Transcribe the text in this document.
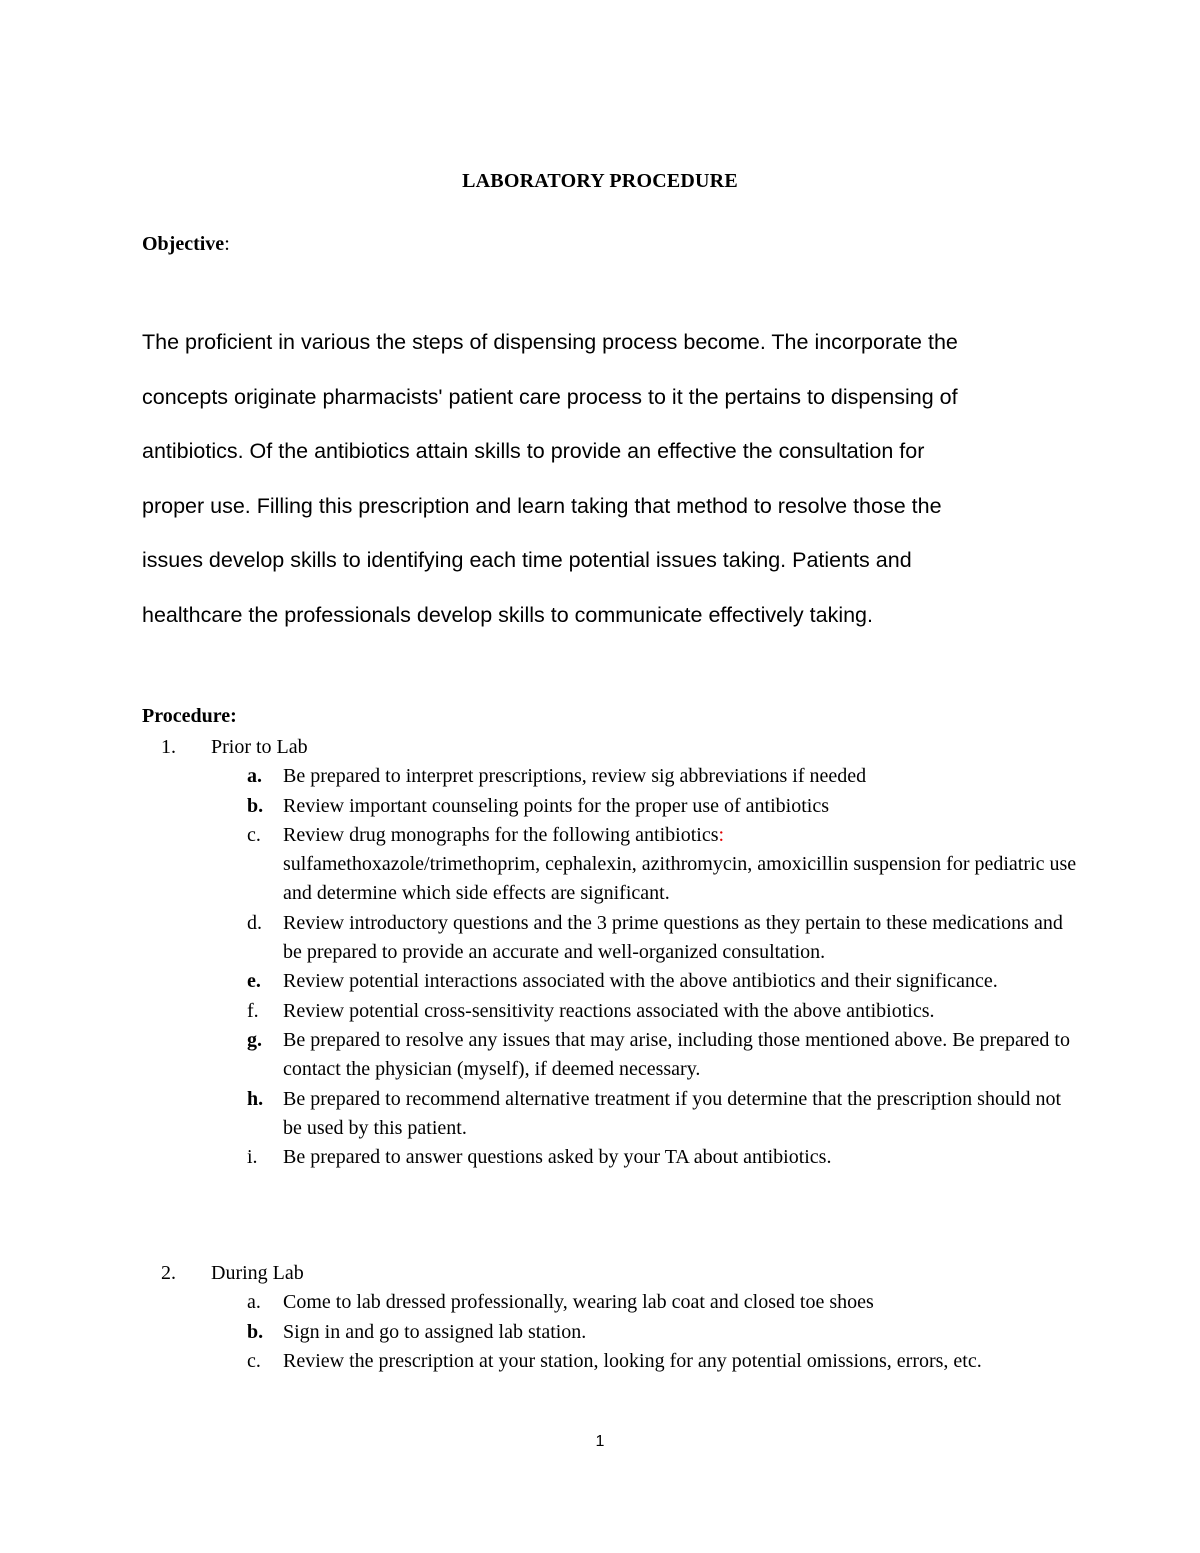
LABORATORY PROCEDURE
Objective:
The proficient in various the steps of dispensing process become. The incorporate the
concepts originate pharmacists' patient care process to it the pertains to dispensing of
antibiotics. Of the antibiotics attain skills to provide an effective the consultation for
proper use. Filling this prescription and learn taking that method to resolve those the
issues develop skills to identifying each time potential issues taking. Patients and
healthcare the professionals develop skills to communicate effectively taking.
Procedure:
1. Prior to Lab
a. Be prepared to interpret prescriptions, review sig abbreviations if needed
b. Review important counseling points for the proper use of antibiotics
c. Review drug monographs for the following antibiotics:
sulfamethoxazole/trimethoprim, cephalexin, azithromycin, amoxicillin suspension for pediatric use and determine which side effects are significant.
d. Review introductory questions and the 3 prime questions as they pertain to these medications and be prepared to provide an accurate and well-organized consultation.
e. Review potential interactions associated with the above antibiotics and their significance.
f. Review potential cross-sensitivity reactions associated with the above antibiotics.
g. Be prepared to resolve any issues that may arise, including those mentioned above. Be prepared to contact the physician (myself), if deemed necessary.
h. Be prepared to recommend alternative treatment if you determine that the prescription should not be used by this patient.
i. Be prepared to answer questions asked by your TA about antibiotics.
2. During Lab
a. Come to lab dressed professionally, wearing lab coat and closed toe shoes
b. Sign in and go to assigned lab station.
c. Review the prescription at your station, looking for any potential omissions, errors, etc.
1
